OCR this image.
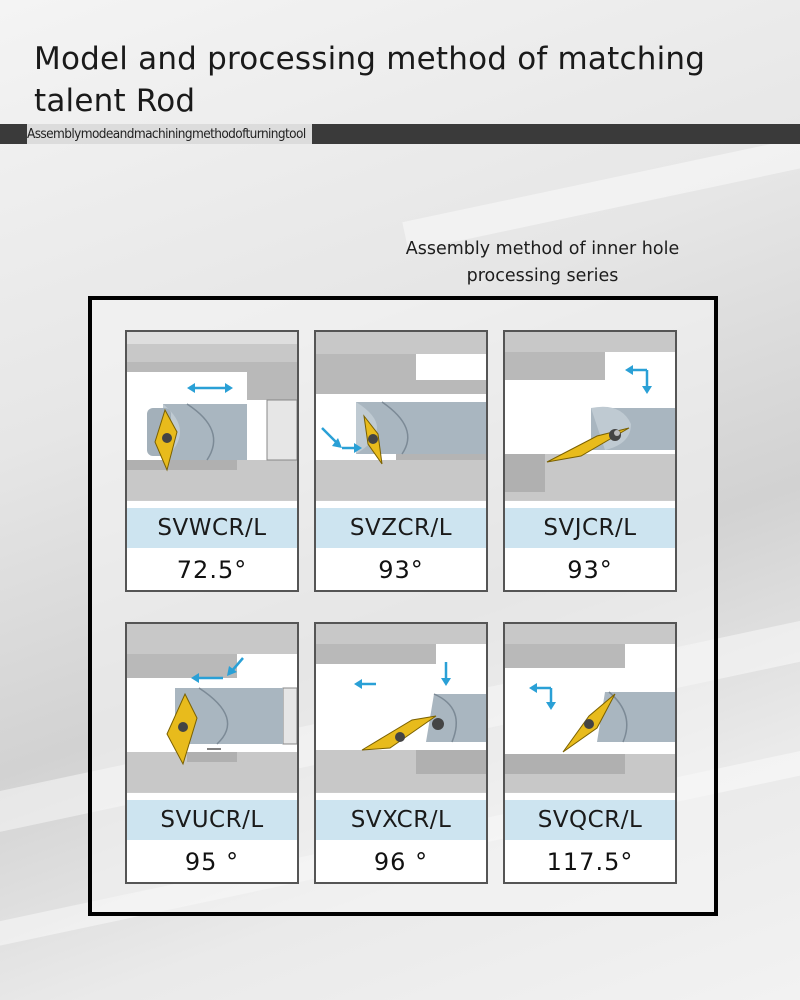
Model and processing method of matching talent Rod
Assemblymodeandmachiningmethodofturningtool
Assembly method of inner hole processing series
SVWCR/L
72.5°
SVZCR/L
93°
SVJCR/L
93°
SVUCR/L
95 °
SVXCR/L
96 °
SVQCR/L
117.5°
